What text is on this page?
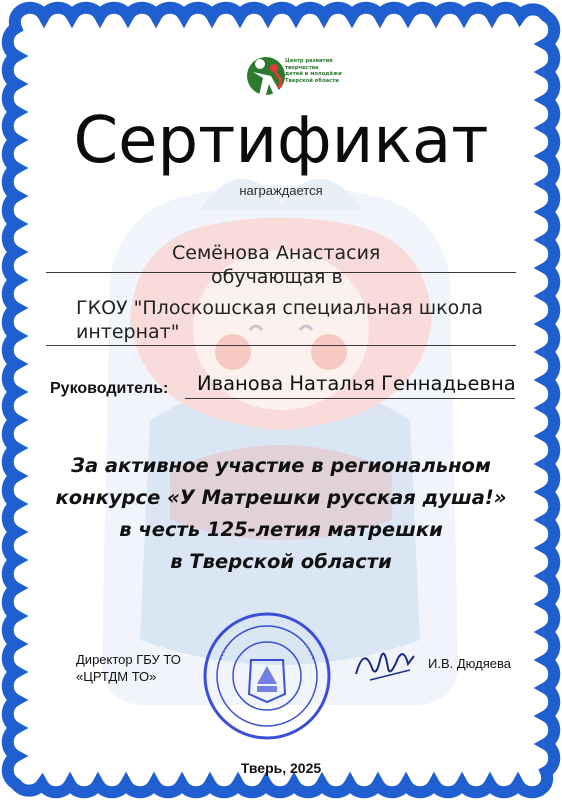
Центр развития творчества
детей и молодёжи
Тверской области
Сертификат
награждается
Семёнова Анастасия
обучающая в
ГКОУ "Плоскошская специальная школа интернат"
Руководитель: Иванова Наталья Геннадьевна
За активное участие в региональном
конкурсе «У Матрешки русская душа!»
в честь 125-летия матрешки
в Тверской области
Директор ГБУ ТО
«ЦРТДМ ТО»
И.В. Дюдяева
Тверь, 2025
